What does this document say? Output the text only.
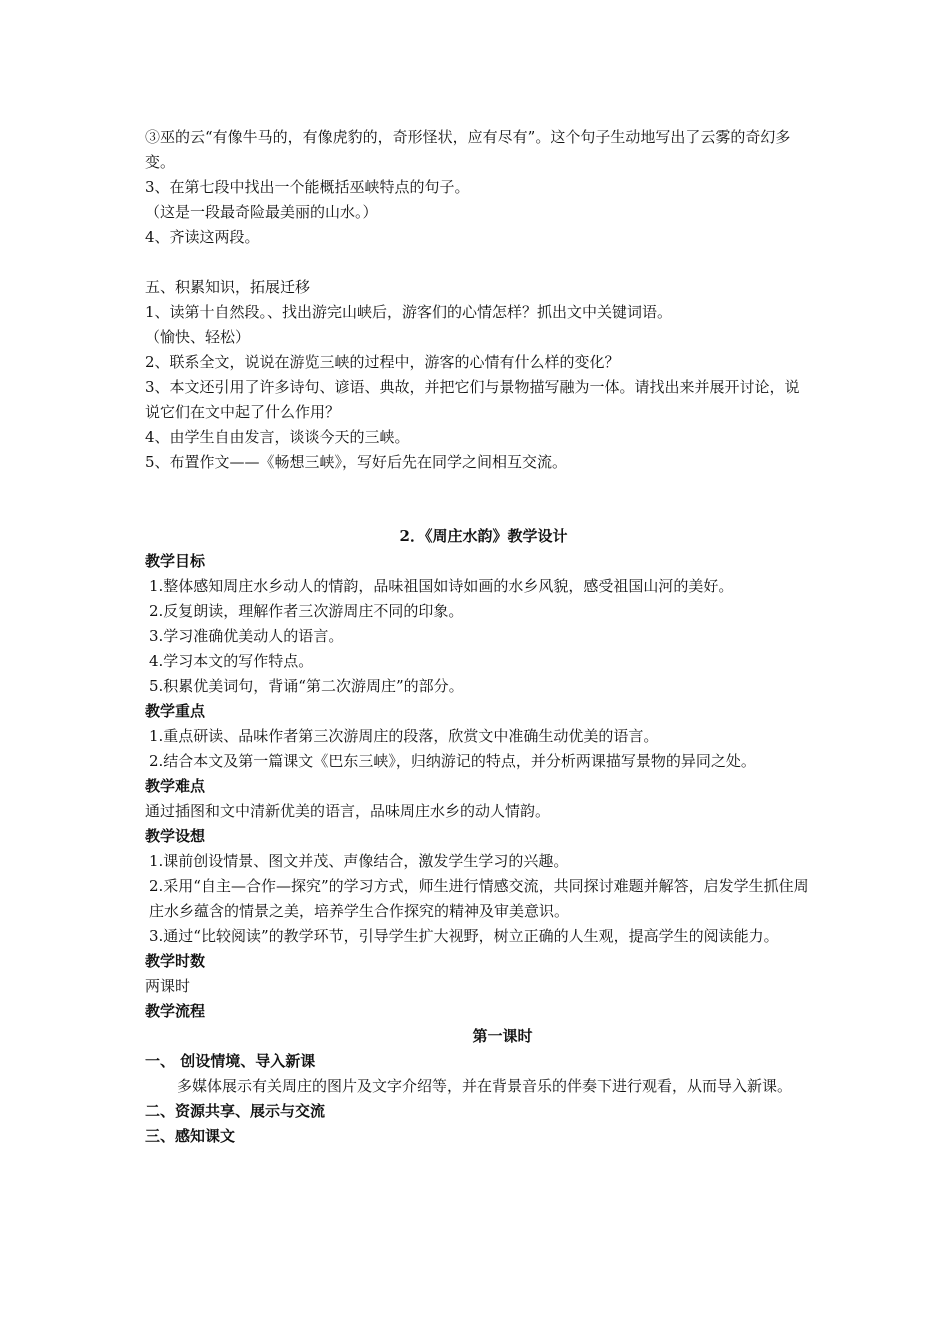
③巫的云“有像牛马的，有像虎豹的，奇形怪状，应有尽有”。这个句子生动地写出了云雾的奇幻多变。
3、在第七段中找出一个能概括巫峡特点的句子。
（这是一段最奇险最美丽的山水。）
4、齐读这两段。
五、积累知识，拓展迁移
1、读第十自然段。、找出游完山峡后，游客们的心情怎样？抓出文中关键词语。
（愉快、轻松）
2、联系全文，说说在游览三峡的过程中，游客的心情有什么样的变化？
3、本文还引用了许多诗句、谚语、典故，并把它们与景物描写融为一体。请找出来并展开讨论，说说它们在文中起了什么作用？
4、由学生自由发言，谈谈今天的三峡。
5、布置作文——《畅想三峡》，写好后先在同学之间相互交流。
2．《周庄水韵》教学设计
教学目标
1.整体感知周庄水乡动人的情韵，品味祖国如诗如画的水乡风貌，感受祖国山河的美好。
2.反复朗读，理解作者三次游周庄不同的印象。
3.学习准确优美动人的语言。
4.学习本文的写作特点。
5.积累优美词句，背诵“第二次游周庄”的部分。
教学重点
1.重点研读、品味作者第三次游周庄的段落，欣赏文中准确生动优美的语言。
2.结合本文及第一篇课文《巴东三峡》，归纳游记的特点，并分析两课描写景物的异同之处。
教学难点
通过插图和文中清新优美的语言，品味周庄水乡的动人情韵。
教学设想
1.课前创设情景、图文并茂、声像结合，激发学生学习的兴趣。
2.采用“自主—合作—探究”的学习方式，师生进行情感交流，共同探讨难题并解答，启发学生抓住周庄水乡蕴含的情景之美，培养学生合作探究的精神及审美意识。
3.通过“比较阅读”的教学环节，引导学生扩大视野，树立正确的人生观，提高学生的阅读能力。
教学时数
两课时
教学流程
第一课时
一、 创设情境、导入新课
多媒体展示有关周庄的图片及文字介绍等，并在背景音乐的伴奏下进行观看，从而导入新课。
二、资源共享、展示与交流
三、感知课文
